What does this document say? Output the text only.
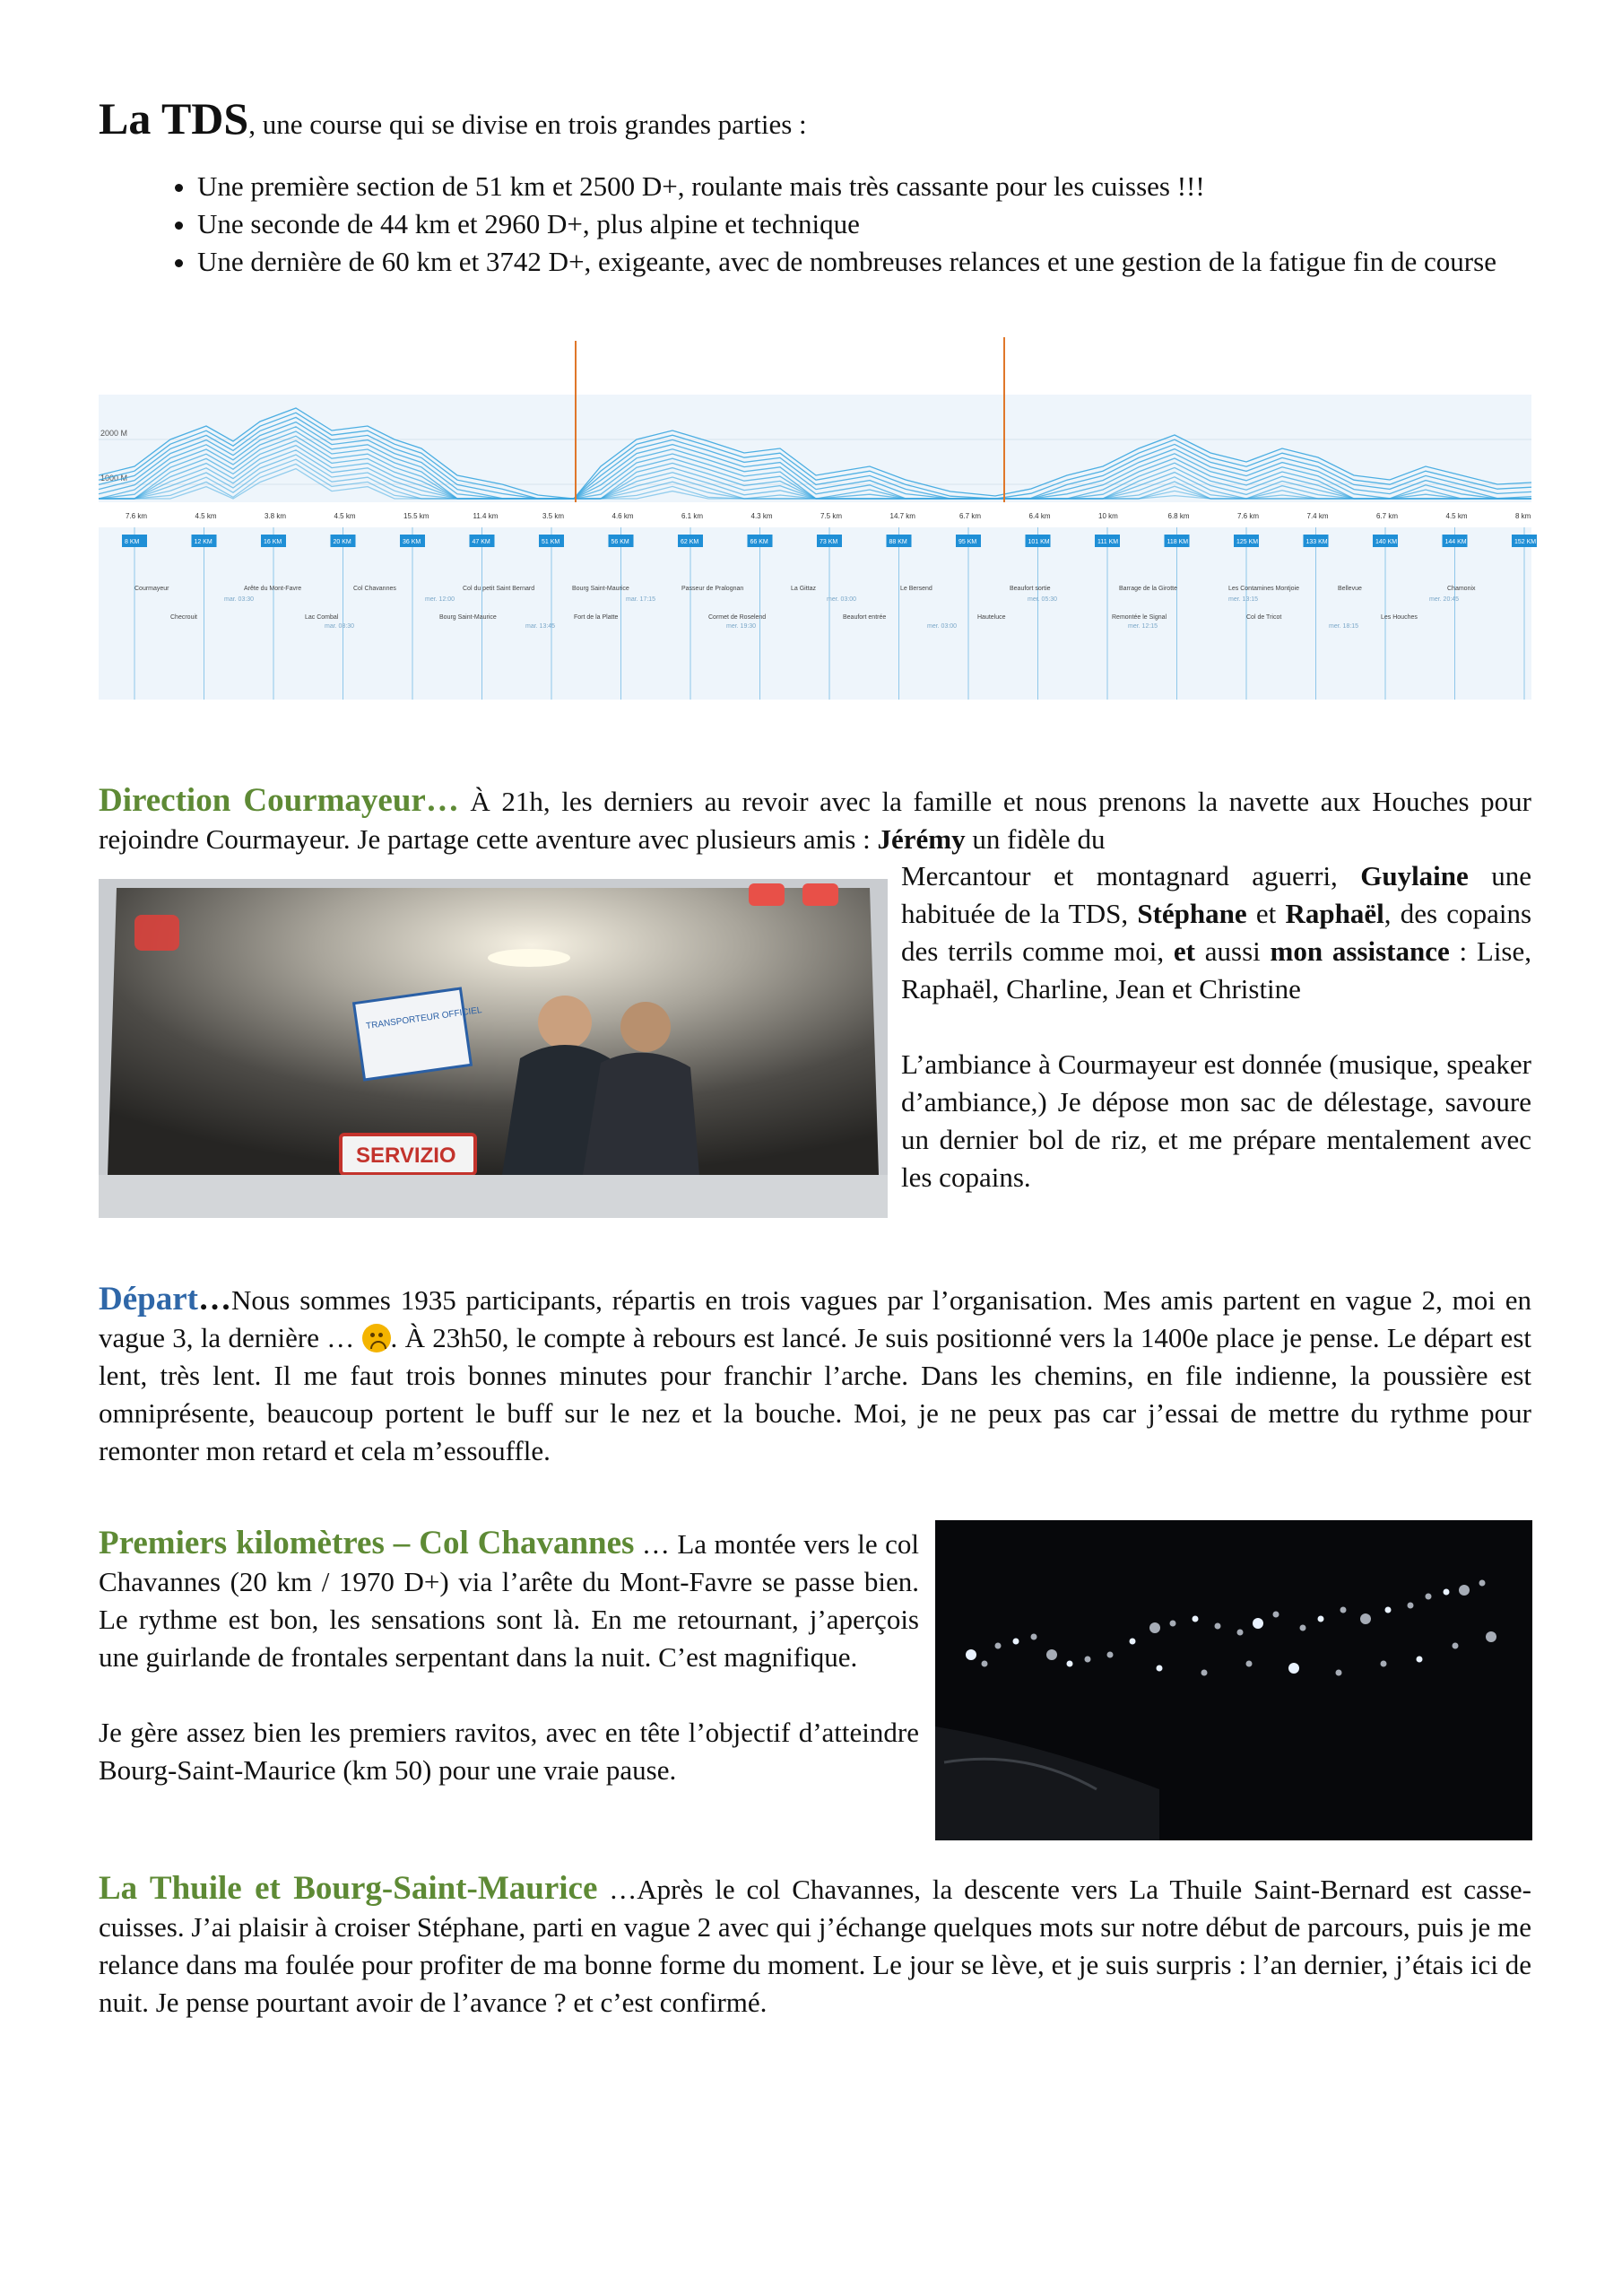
La TDS, une course qui se divise en trois grandes parties :
• Une première section de 51 km et 2500 D+, roulante mais très cassante pour les cuisses !!!
• Une seconde de 44 km et 2960 D+, plus alpine et technique
• Une dernière de 60 km et 3742 D+, exigeante, avec de nombreuses relances et une gestion de la fatigue fin de course
2000 M
1000 M
7.6 km	4.5 km	3.8 km	4.5 km	15.5 km	11.4 km	3.5 km	4.6 km	6.1 km	4.3 km	7.5 km	14.7 km	6.7 km	6.4 km	10 km	6.8 km	7.6 km	7.4 km	6.7 km	4.5 km	8 km
8 KM	12 KM	16 KM	20 KM	36 KM	47 KM	51 KM	56 KM	62 KM	66 KM	73 KM	88 KM	95 KM	101 KM	111 KM	118 KM	125 KM	133 KM	140 KM	144 KM	152 KM
Courmayeur	Arête du Mont-Favre	Col Chavannes	Col du petit Saint Bernard	Bourg Saint-Maurice	Passeur de Pralognan	La Gittaz	Le Bersend	Beaufort sortie	Barrage de la Girotte	Les Contamines Montjoie	Bellevue	Chamonix
Checrouit	Lac Combal	Bourg Saint-Maurice	Fort de la Platte	Cormet de Roselend	Beaufort entrée	Hauteluce	Remontée le Signal	Col de Tricot	Les Houches
mar. 03:30
mar. 08:30
mer. 12:00
mar. 13:45
mar. 17:15
mer. 19:30
mer. 03:00
mer. 03:00
mer. 05:30
mer. 12:15
mer. 13:15
mer. 18:15
mer. 20:45
Direction Courmayeur… À 21h, les derniers au revoir avec la famille et nous prenons la navette aux Houches pour rejoindre Courmayeur. Je partage cette aventure avec plusieurs amis : Jérémy un fidèle du
TRANSPORTEUR OFFICIEL
SERVIZIO
Mercantour et montagnard aguerri, Guylaine une habituée de la TDS, Stéphane et Raphaël, des copains des terrils comme moi, et aussi mon assistance : Lise, Raphaël, Charline, Jean et Christine
L’ambiance à Courmayeur est donnée (musique, speaker d’ambiance,) Je dépose mon sac de délestage, savoure un dernier bol de riz, et me prépare mentalement avec les copains.
Départ…Nous sommes 1935 participants, répartis en trois vagues par l’organisation. Mes amis partent en vague 2, moi en vague 3, la dernière …
. À 23h50, le compte à rebours est lancé. Je suis positionné vers la 1400e place je pense. Le départ est lent, très lent. Il me faut trois bonnes minutes pour franchir l’arche. Dans les chemins, en file indienne, la poussière est omniprésente, beaucoup portent le buff sur le nez et la bouche. Moi, je ne peux pas car j’essai de mettre du rythme pour remonter mon retard et cela m’essouffle.
Premiers kilomètres – Col Chavannes … La montée vers le col Chavannes (20 km / 1970 D+) via l’arête du Mont-Favre se passe bien. Le rythme est bon, les sensations sont là. En me retournant, j’aperçois une guirlande de frontales serpentant dans la nuit. C’est magnifique.
Je gère assez bien les premiers ravitos, avec en tête l’objectif d’atteindre Bourg-Saint-Maurice (km 50) pour une vraie pause.
La Thuile et Bourg-Saint-Maurice …Après le col Chavannes, la descente vers La Thuile Saint-Bernard est casse-cuisses. J’ai plaisir à croiser Stéphane, parti en vague 2 avec qui j’échange quelques mots sur notre début de parcours, puis je me relance dans ma foulée pour profiter de ma bonne forme du moment. Le jour se lève, et je suis surpris : l’an dernier, j’étais ici de nuit. Je pense pourtant avoir de l’avance ? et c’est confirmé.
